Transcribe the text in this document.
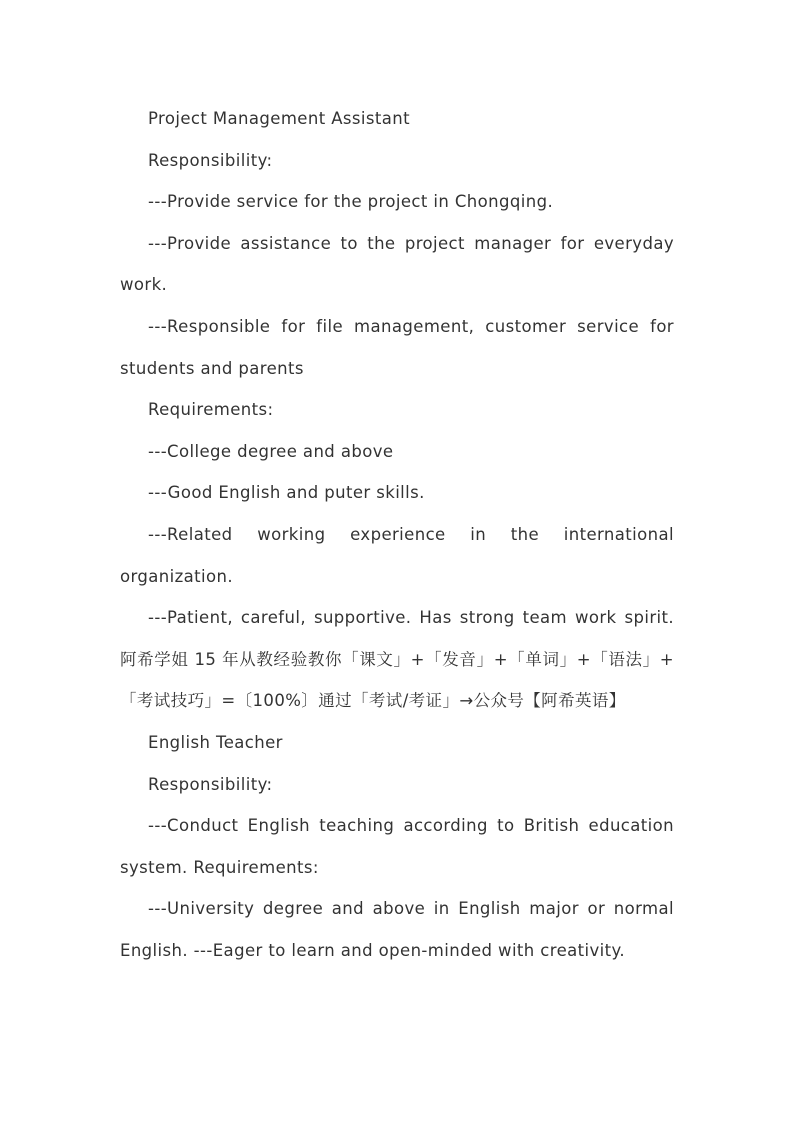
Project Management Assistant

Responsibility:

---Provide service for the project in Chongqing.

---Provide assistance to the project manager for everyday work.

---Responsible for file management, customer service for students and parents

Requirements:

---College degree and above

---Good English and puter skills.

---Related working experience in the international organization.

---Patient, careful, supportive. Has strong team work spirit.

阿希学姐 15 年从教经验教你「课文」+「发音」+「单词」+「语法」+「考试技巧」=〔100%〕通过「考试/考证」→公众号【阿希英语】

English Teacher

Responsibility:

---Conduct English teaching according to British education system. Requirements:

---University degree and above in English major or normal English. ---Eager to learn and open-minded with creativity.
